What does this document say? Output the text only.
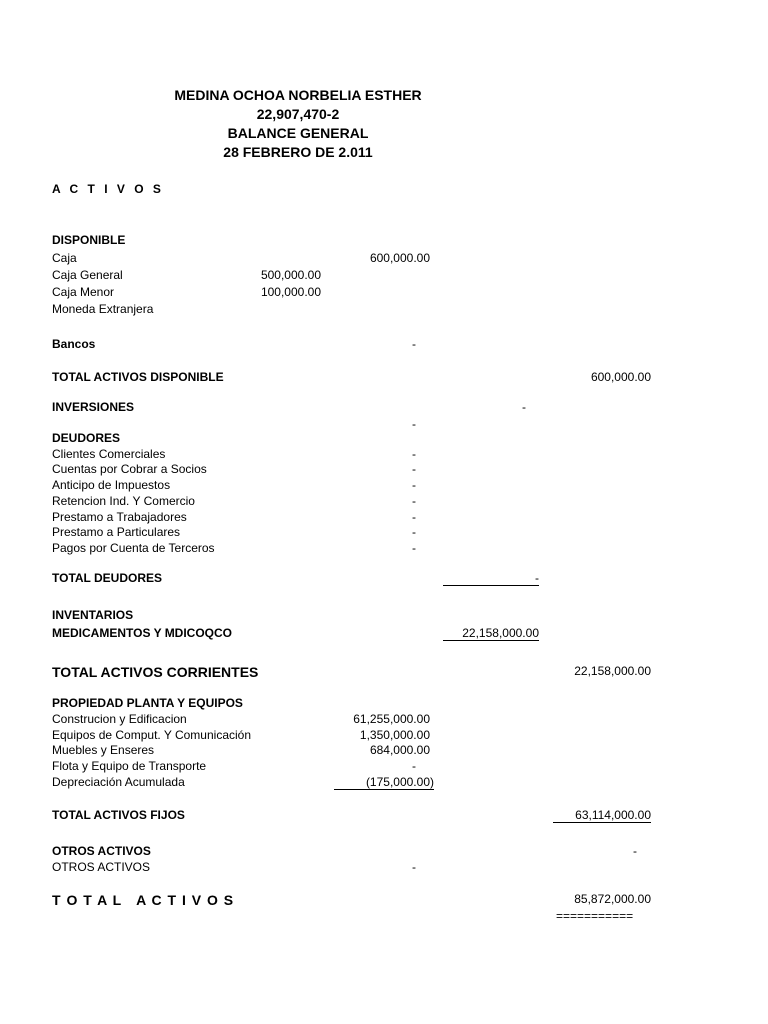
MEDINA OCHOA NORBELIA ESTHER
22,907,470-2
BALANCE GENERAL
28 FEBRERO DE 2.011
A C T I V O S
DISPONIBLE
Caja	600,000.00
Caja General	500,000.00
Caja Menor	100,000.00
Moneda Extranjera
Bancos	-
TOTAL ACTIVOS DISPONIBLE	600,000.00
INVERSIONES	-
-
DEUDORES
Clientes Comerciales	-
Cuentas por Cobrar a Socios	-
Anticipo de Impuestos	-
Retencion Ind. Y Comercio	-
Prestamo a Trabajadores	-
Prestamo a Particulares	-
Pagos por Cuenta de Terceros	-
TOTAL DEUDORES	-
INVENTARIOS
MEDICAMENTOS Y MDICOQCO	22,158,000.00
TOTAL ACTIVOS CORRIENTES	22,158,000.00
PROPIEDAD PLANTA Y EQUIPOS
Construcion y Edificacion	61,255,000.00
Equipos de Comput. Y Comunicación	1,350,000.00
Muebles y Enseres	684,000.00
Flota y Equipo de Transporte	-
Depreciación Acumulada	(175,000.00)
TOTAL ACTIVOS FIJOS	63,114,000.00
OTROS ACTIVOS	-
OTROS ACTIVOS	-
T O T A L   A C T I V O S	85,872,000.00
===========
